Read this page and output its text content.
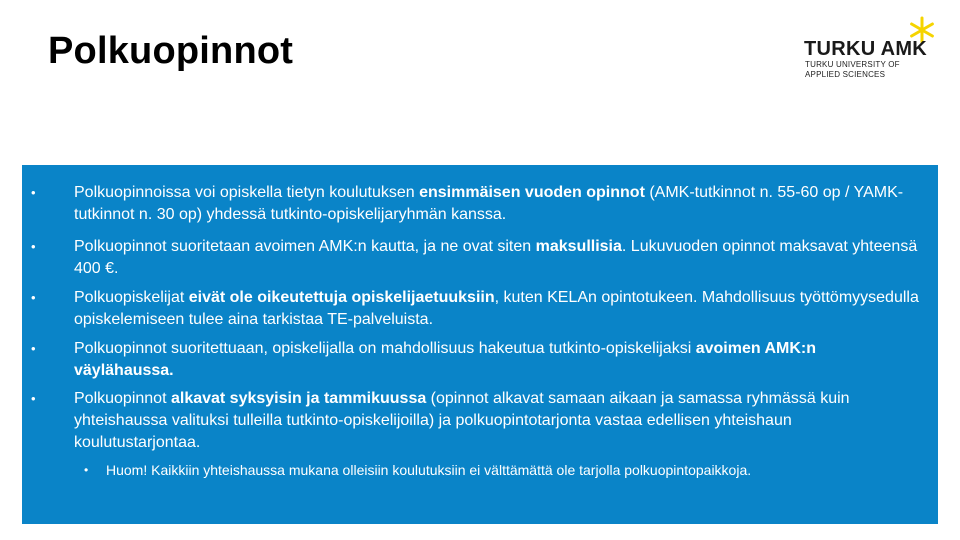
Polkuopinnot	TURKU AMK
TURKU UNIVERSITY OF
APPLIED SCIENCES
• Polkuopinnoissa voi opiskella tietyn koulutuksen ensimmäisen vuoden opinnot (AMK-tutkinnot n. 55-60 op / YAMK-tutkinnot n. 30 op) yhdessä tutkinto-opiskelijaryhmän kanssa.
• Polkuopinnot suoritetaan avoimen AMK:n kautta, ja ne ovat siten maksullisia. Lukuvuoden opinnot maksavat yhteensä 400 €.
• Polkuopiskelijat eivät ole oikeutettuja opiskelijaetuuksiin, kuten KELAn opintotukeen. Mahdollisuus työttömyysedulla opiskelemiseen tulee aina tarkistaa TE-palveluista.
• Polkuopinnot suoritettuaan, opiskelijalla on mahdollisuus hakeutua tutkinto-opiskelijaksi avoimen AMK:n väylähaussa.
• Polkuopinnot alkavat syksyisin ja tammikuussa (opinnot alkavat samaan aikaan ja samassa ryhmässä kuin yhteishaussa valituksi tulleilla tutkinto-opiskelijoilla) ja polkuopintotarjonta vastaa edellisen yhteishaun koulutustarjontaa.
• Huom! Kaikkiin yhteishaussa mukana olleisiin koulutuksiin ei välttämättä ole tarjolla polkuopintopaikkoja.
